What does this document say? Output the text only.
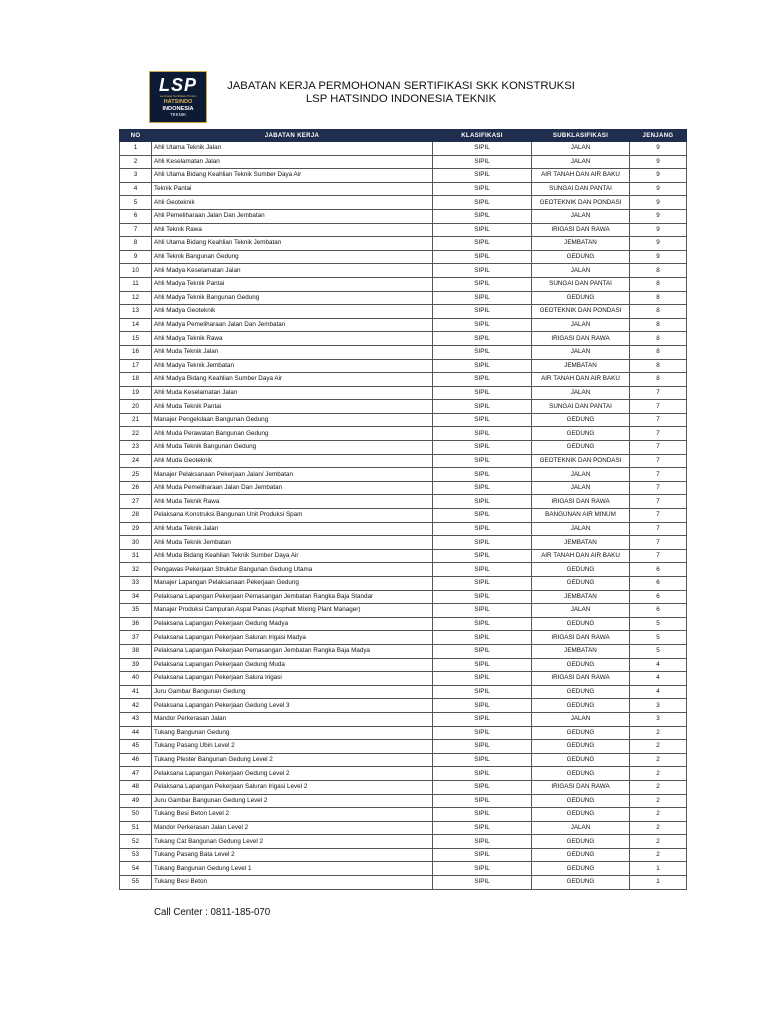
LSP
Lembaga Sertifikasi Profesi
HATSINDO
INDONESIA
TEKNIK
JABATAN KERJA PERMOHONAN SERTIFIKASI SKK KONSTRUKSI
LSP HATSINDO INDONESIA TEKNIK
NO	JABATAN KERJA	KLASIFIKASI	SUBKLASIFIKASI	JENJANG
1	Ahli Utama Teknik Jalan	SIPIL	JALAN	9
2	Ahli Keselamatan Jalan	SIPIL	JALAN	9
3	Ahli Utama Bidang Keahlian Teknik Sumber Daya Air	SIPIL	AIR TANAH DAN AIR BAKU	9
4	Teknik Pantai	SIPIL	SUNGAI DAN PANTAI	9
5	Ahli Geoteknik	SIPIL	GEOTEKNIK DAN PONDASI	9
6	Ahli Pemeliharaan Jalan Dan Jembatan	SIPIL	JALAN	9
7	Ahli Teknik Rawa	SIPIL	IRIGASI DAN RAWA	9
8	Ahli Utama Bidang Keahlian Teknik Jembatan	SIPIL	JEMBATAN	9
9	Ahli Teknik Bangunan Gedung	SIPIL	GEDUNG	9
10	Ahli Madya Keselamatan Jalan	SIPIL	JALAN	8
11	Ahli Madya Teknik Pantai	SIPIL	SUNGAI DAN PANTAI	8
12	Ahli Madya Teknik Bangunan Gedung	SIPIL	GEDUNG	8
13	Ahli Madya Geoteknik	SIPIL	GEOTEKNIK DAN PONDASI	8
14	Ahli Madya Pemeliharaan Jalan Dan Jembatan	SIPIL	JALAN	8
15	Ahli Madya Teknik Rawa	SIPIL	IRIGASI DAN RAWA	8
16	Ahli Muda Teknik Jalan	SIPIL	JALAN	8
17	Ahli Madya Teknik Jembatan	SIPIL	JEMBATAN	8
18	Ahli Madya Bidang Keahlian Sumber Daya Air	SIPIL	AIR TANAH DAN AIR BAKU	8
19	Ahli Muda Keselamatan Jalan	SIPIL	JALAN	7
20	Ahli Muda Teknik Pantai	SIPIL	SUNGAI DAN PANTAI	7
21	Manajer Pengelolaan Bangunan Gedung	SIPIL	GEDUNG	7
22	Ahli Muda Perawatan Bangunan Gedung	SIPIL	GEDUNG	7
23	Ahli Muda Teknik Bangunan Gedung	SIPIL	GEDUNG	7
24	Ahli Muda Geoteknik	SIPIL	GEOTEKNIK DAN PONDASI	7
25	Manajer Pelaksanaan Pekerjaan Jalan/ Jembatan	SIPIL	JALAN	7
26	Ahli Muda Pemeliharaan Jalan Dan Jembatan	SIPIL	JALAN	7
27	Ahli Muda Teknik Rawa	SIPIL	IRIGASI DAN RAWA	7
28	Pelaksana Konstruksi Bangunan Unit Produksi Spam	SIPIL	BANGUNAN AIR MINUM	7
29	Ahli Muda Teknik Jalan	SIPIL	JALAN	7
30	Ahli Muda Teknik Jembatan	SIPIL	JEMBATAN	7
31	Ahli Muda Bidang Keahlian Teknik Sumber Daya Air	SIPIL	AIR TANAH DAN AIR BAKU	7
32	Pengawas Pekerjaan Struktur Bangunan Gedung Utama	SIPIL	GEDUNG	6
33	Manajer Lapangan Pelaksanaan Pekerjaan Gedung	SIPIL	GEDUNG	6
34	Pelaksana Lapangan Pekerjaan Pemasangan Jembatan Rangka Baja Standar	SIPIL	JEMBATAN	6
35	Manajer Produksi Campuran Aspal Panas (Asphalt Mixing Plant Manager)	SIPIL	JALAN	6
36	Pelaksana Lapangan Pekerjaan Gedung Madya	SIPIL	GEDUNG	5
37	Pelaksana Lapangan Pekerjaan Saluran Irigasi Madya	SIPIL	IRIGASI DAN RAWA	5
38	Pelaksana Lapangan Pekerjaan Pemasangan Jembatan Rangka Baja Madya	SIPIL	JEMBATAN	5
39	Pelaksana Lapangan Pekerjaan Gedung Muda	SIPIL	GEDUNG	4
40	Pelaksana Lapangan Pekerjaan Salura Irigasi	SIPIL	IRIGASI DAN RAWA	4
41	Juru Gambar Bangunan Gedung	SIPIL	GEDUNG	4
42	Pelaksana Lapangan Pekerjaan Gedung Level 3	SIPIL	GEDUNG	3
43	Mandor Perkerasan Jalan	SIPIL	JALAN	3
44	Tukang Bangunan Gedung	SIPIL	GEDUNG	2
45	Tukang Pasang Ubin Level 2	SIPIL	GEDUNG	2
46	Tukang Plester Bangunan Gedung Level 2	SIPIL	GEDUNG	2
47	Pelaksana Lapangan Pekerjaan Gedung Level 2	SIPIL	GEDUNG	2
48	Pelaksana Lapangan Pekerjaan Saluran Irigasi Level 2	SIPIL	IRIGASI DAN RAWA	2
49	Juru Gambar Bangunan Gedung Level 2	SIPIL	GEDUNG	2
50	Tukang Besi Beton Level 2	SIPIL	GEDUNG	2
51	Mandor Perkerasan Jalan Level 2	SIPIL	JALAN	2
52	Tukang Cat Bangunan Gedung Level 2	SIPIL	GEDUNG	2
53	Tukang Pasang Bata Level 2	SIPIL	GEDUNG	2
54	Tukang Bangunan Gedung Level 1	SIPIL	GEDUNG	1
55	Tukang Besi Beton	SIPIL	GEDUNG	1
Call Center : 0811-185-070
